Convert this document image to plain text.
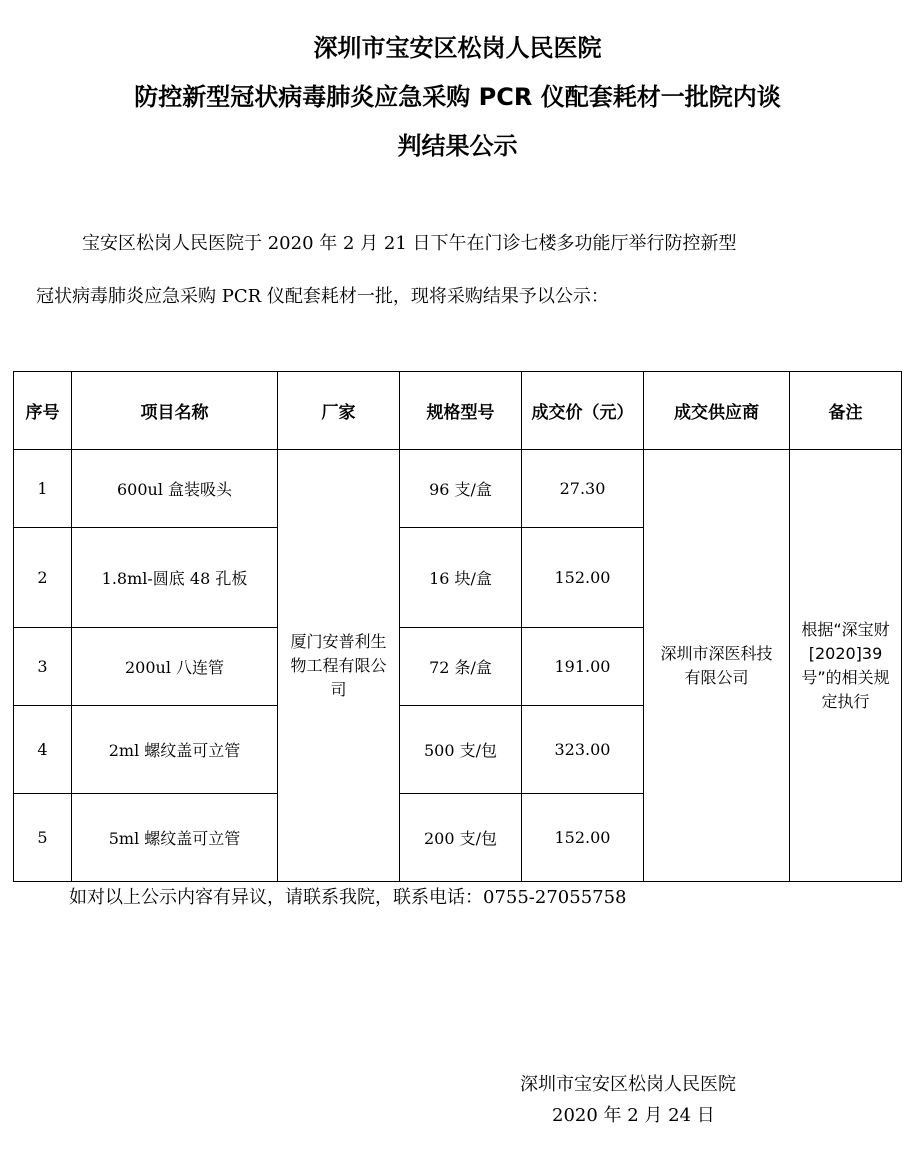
深圳市宝安区松岗人民医院
防控新型冠状病毒肺炎应急采购 PCR 仪配套耗材一批院内谈
判结果公示
宝安区松岗人民医院于 2020 年 2 月 21 日下午在门诊七楼多功能厅举行防控新型
冠状病毒肺炎应急采购 PCR 仪配套耗材一批，现将采购结果予以公示：
序号	项目名称	厂家	规格型号	成交价（元）	成交供应商	备注
1	600ul 盒装吸头	厦门安普利生物工程有限公司	96 支/盒	27.30	深圳市深医科技有限公司	根据“深宝财[2020]39号”的相关规定执行
2	1.8ml-圆底 48 孔板		16 块/盒	152.00		
3	200ul 八连管		72 条/盒	191.00		
4	2ml 螺纹盖可立管		500 支/包	323.00		
5	5ml 螺纹盖可立管		200 支/包	152.00		
如对以上公示内容有异议，请联系我院，联系电话：0755-27055758
深圳市宝安区松岗人民医院
2020 年 2 月 24 日
